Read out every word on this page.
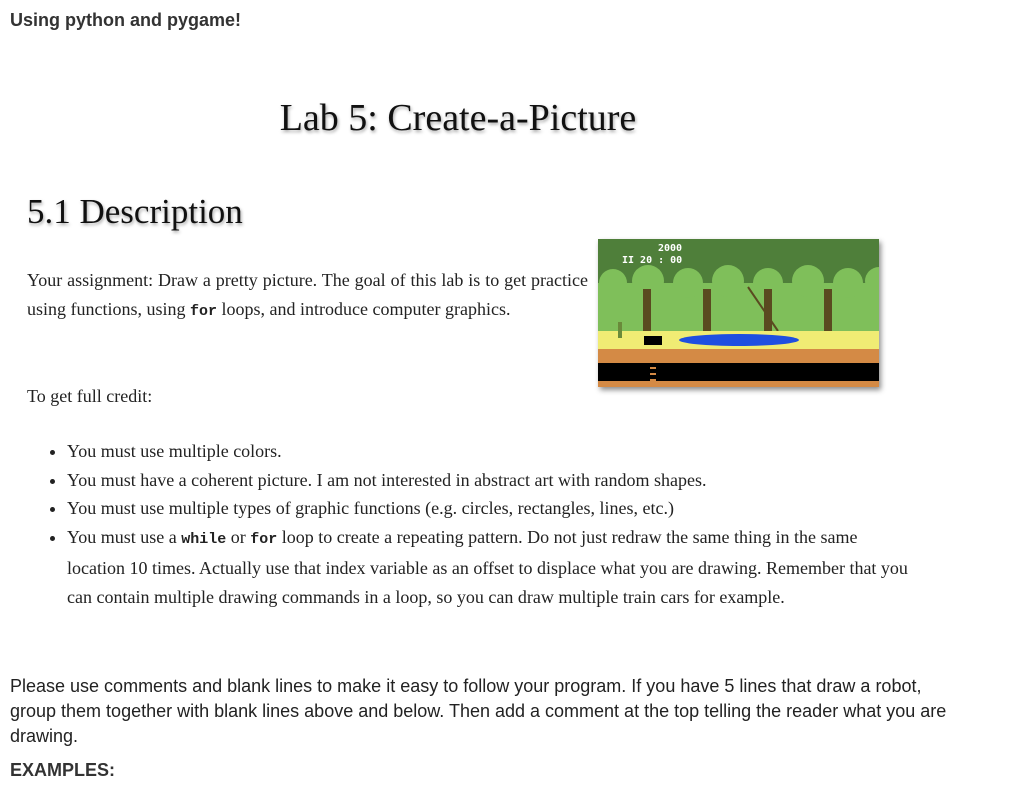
Using python and pygame!
Lab 5: Create-a-Picture
5.1 Description
Your assignment: Draw a pretty picture. The goal of this lab is to get practice using functions, using for loops, and introduce computer graphics.
2000
II 20 : 00
To get full credit:
• You must use multiple colors.
• You must have a coherent picture. I am not interested in abstract art with random shapes.
• You must use multiple types of graphic functions (e.g. circles, rectangles, lines, etc.)
• You must use a while or for loop to create a repeating pattern. Do not just redraw the same thing in the same location 10 times. Actually use that index variable as an offset to displace what you are drawing. Remember that you can contain multiple drawing commands in a loop, so you can draw multiple train cars for example.
Please use comments and blank lines to make it easy to follow your program. If you have 5 lines that draw a robot, group them together with blank lines above and below. Then add a comment at the top telling the reader what you are drawing.
EXAMPLES:
